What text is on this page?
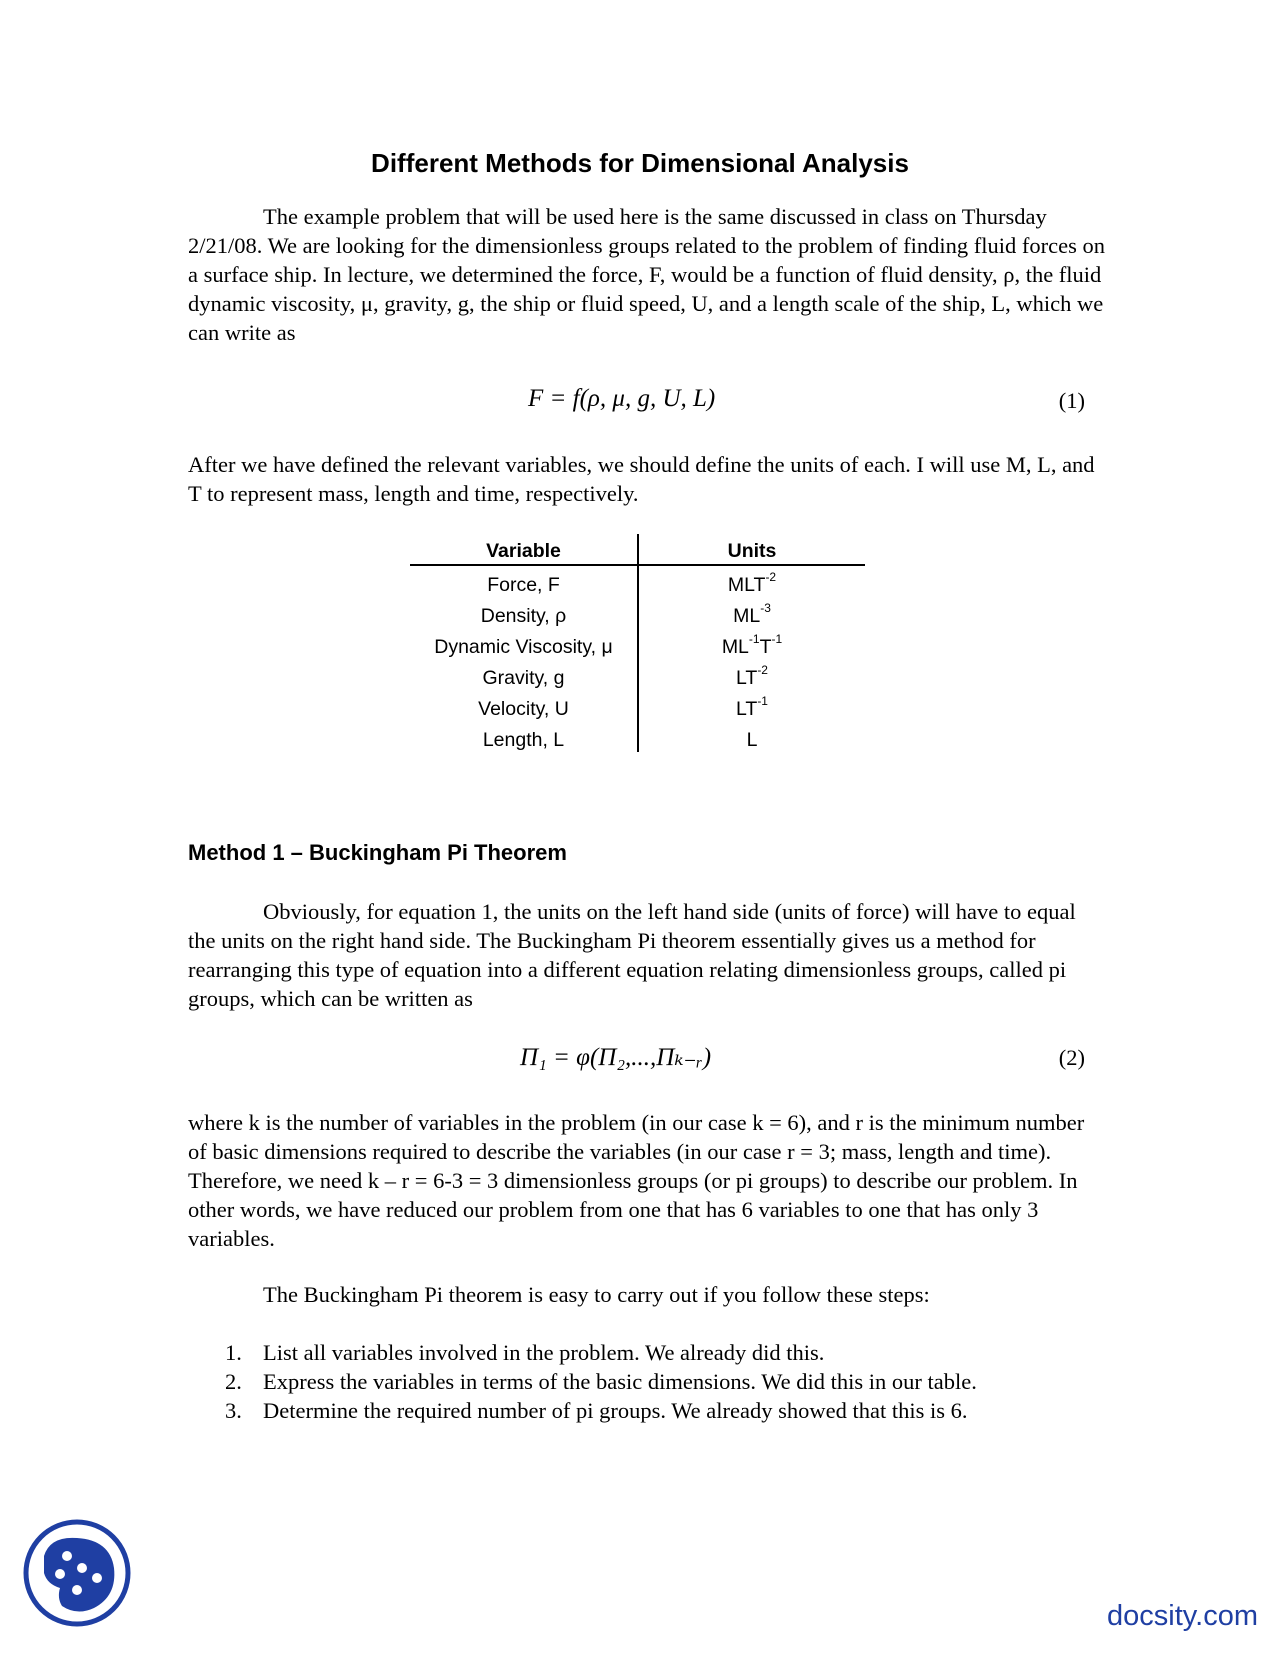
Different Methods for Dimensional Analysis

The example problem that will be used here is the same discussed in class on Thursday 2/21/08. We are looking for the dimensionless groups related to the problem of finding fluid forces on a surface ship. In lecture, we determined the force, F, would be a function of fluid density, ρ, the fluid dynamic viscosity, μ, gravity, g, the ship or fluid speed, U, and a length scale of the ship, L, which we can write as

F = f(ρ, μ, g, U, L)	(1)

After we have defined the relevant variables, we should define the units of each. I will use M, L, and T to represent mass, length and time, respectively.

Variable	Units
Force, F	$MLT^{-2}$
Density, ρ	$ML^{-3}$
Dynamic Viscosity, μ	$ML^{-1}T^{-1}$
Gravity, g	$LT^{-2}$
Velocity, U	$LT^{-1}$
Length, L	L
Method 1 – Buckingham Pi Theorem

Obviously, for equation 1, the units on the left hand side (units of force) will have to equal the units on the right hand side. The Buckingham Pi theorem essentially gives us a method for rearranging this type of equation into a different equation relating dimensionless groups, called pi groups, which can be written as

Π₁ = φ(Π₂,...,Πₖ₋ᵣ)	(2)

where k is the number of variables in the problem (in our case k = 6), and r is the minimum number of basic dimensions required to describe the variables (in our case r = 3; mass, length and time). Therefore, we need k – r = 6-3 = 3 dimensionless groups (or pi groups) to describe our problem. In other words, we have reduced our problem from one that has 6 variables to one that has only 3 variables.

The Buckingham Pi theorem is easy to carry out if you follow these steps:

1. List all variables involved in the problem. We already did this.
2. Express the variables in terms of the basic dimensions. We did this in our table.
3. Determine the required number of pi groups. We already showed that this is 6.
docsity.com
